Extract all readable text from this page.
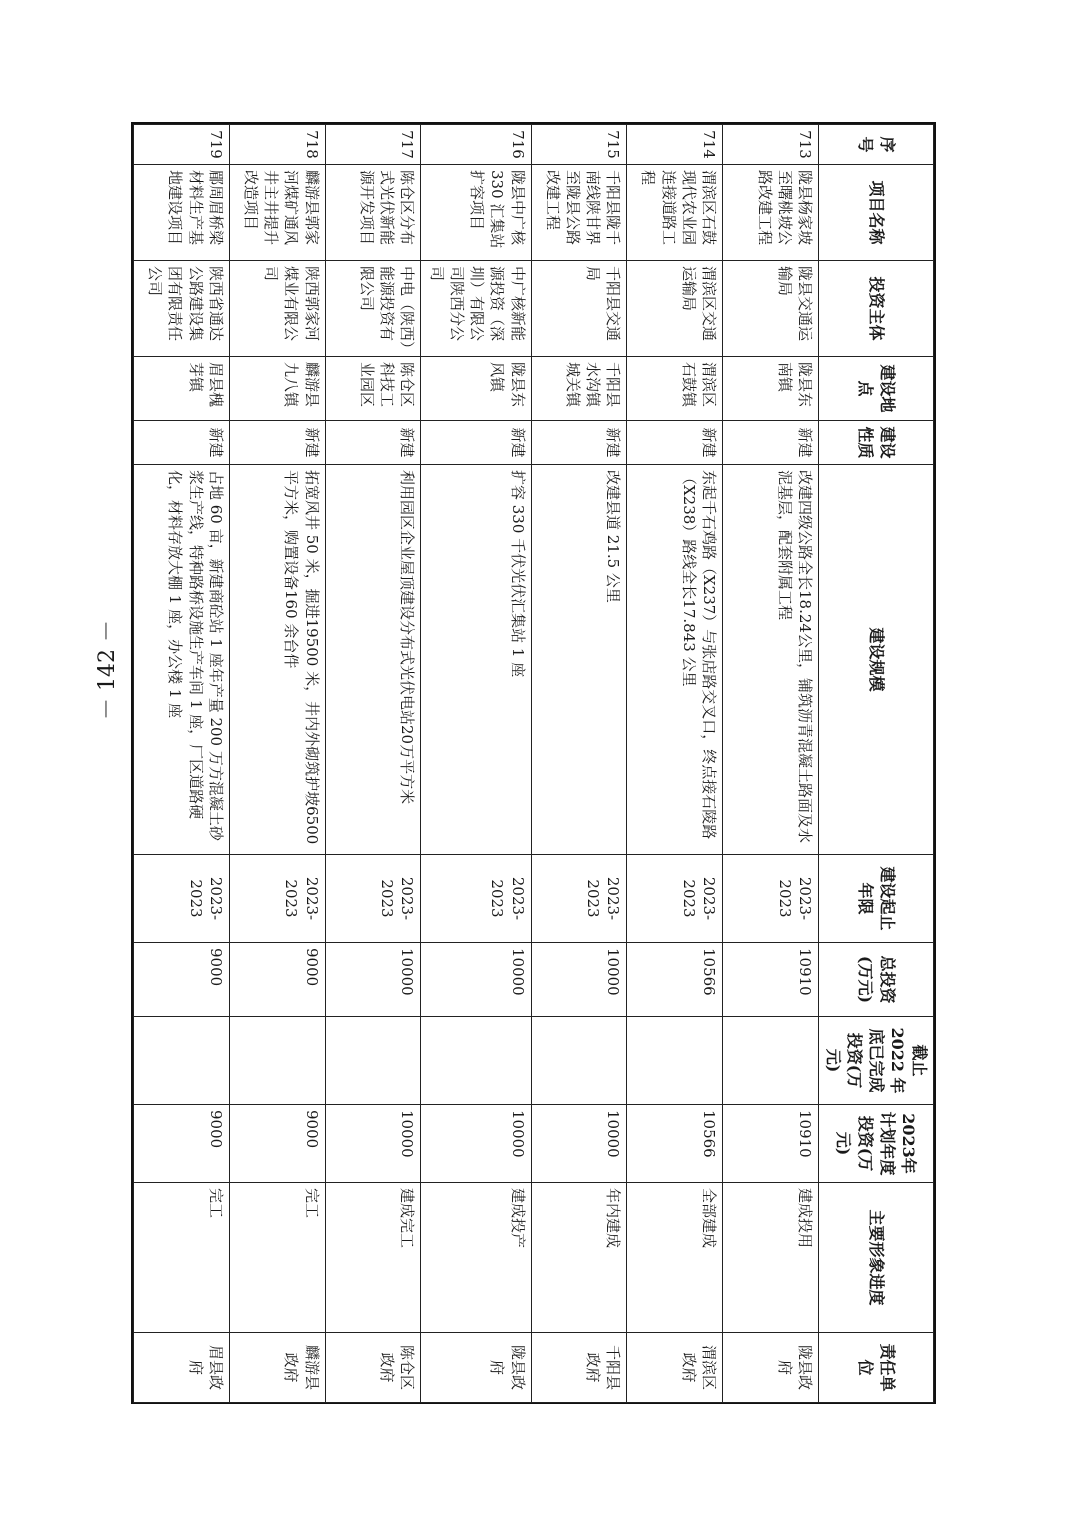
序号	项目名称	投资主体	建设地点	建设性质	建设规模	建设起止年限	总投资(万元)	截止 2022 年底已完成投资(万元)	2023年计划年度投资(万元)	主要形象进度	责任单位
713	陇县杨家坡至曙桃坡公路改建工程	陇县交通运输局	陇县东南镇	新建	改建四级公路全长18.24公里，铺筑沥青混凝土路面及水泥基层，配套附属工程	2023-2023	10910		10910	建成投用	陇县政府
714	渭滨区石鼓现代农业园连接道路工程	渭滨区交通运输局	渭滨区石鼓镇	新建	东起千石鸡路（X237）与张店路交叉口，终点接石陵路（X238）路线全长17.843 公里	2023-2023	10566		10566	全部建成	渭滨区政府
715	千阳县陇千南线陕甘界至陇县公路改建工程	千阳县交通局	千阳县水沟镇城关镇	新建	改建县道 21.5 公里	2023-2023	10000		10000	年内建成	千阳县政府
716	陇县中广核 330 汇集站扩容项目	中广核新能源投资（深圳）有限公司陕西分公司	陇县东风镇	新建	扩容 330 千伏光伏汇集站 1 座	2023-2023	10000		10000	建成投产	陇县政府
717	陈仓区分布式光伏新能源开发项目	中电（陕西）能源投资有限公司	陈仓区科技工业园区	新建	利用园区企业屋顶建设分布式光伏电站20万平方米	2023-2023	10000		10000	建成完工	陈仓区政府
718	麟游县郭家河煤矿通风井主井提升改造项目	陕西郭家河煤业有限公司	麟游县九八镇	新建	拓宽风井 50 米，掘进19500 米，井内外砌筑护坡6500 平方米，购置设备160 余台件	2023-2023	9000		9000	完工	麟游县政府
719	郿周眉桥梁材料生产基地建设项目	陕西省通达公路建设集团有限责任公司	眉县槐芽镇	新建	占地 60 亩，新建商砼站 1 座年产量 200 万方混凝土砂浆生产线，特种路桥设施生产车间 1 座，厂区道路硬化，材料存放大棚 1 座，办公楼 1 座	2023-2023	9000		9000	完工	眉县政府
－ 142 －
